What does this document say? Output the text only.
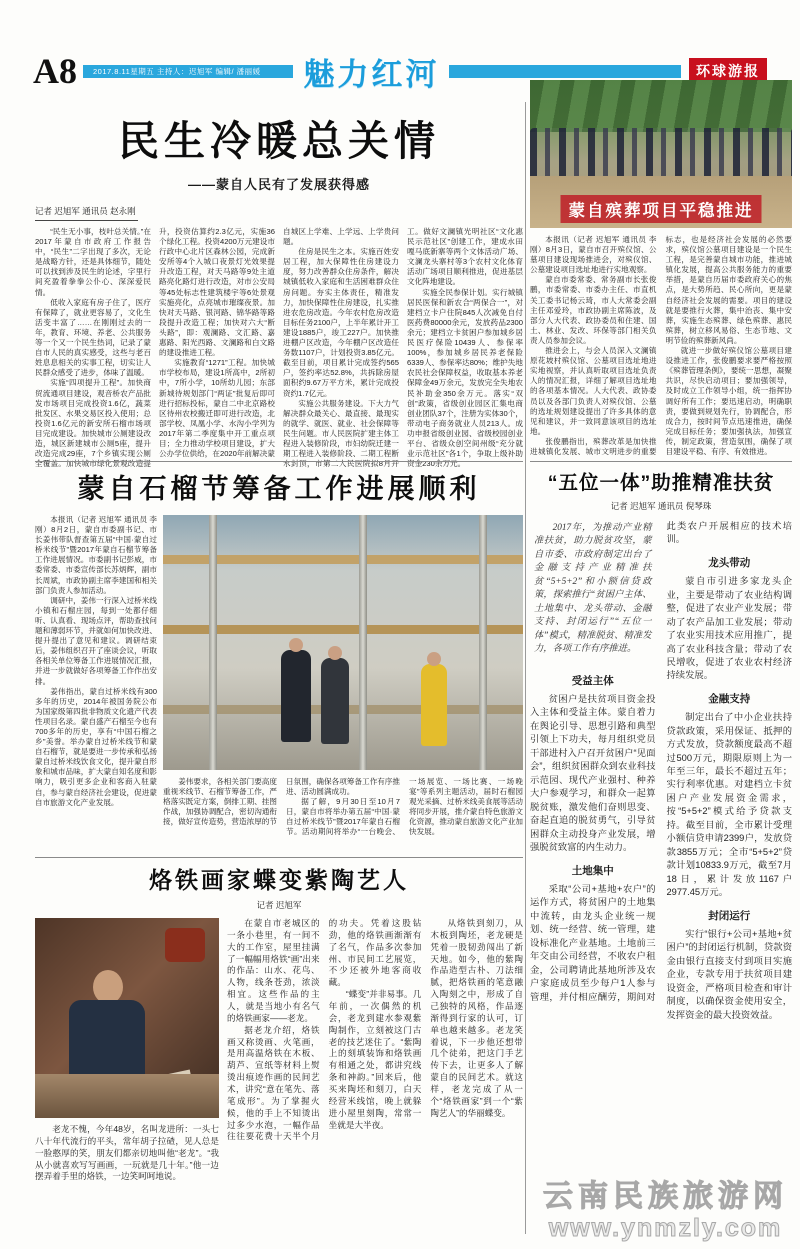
A8	2017.8.11星期五 主持人：迟旭军 编辑/ 潘丽媛 魅力红河	环球游报
民生冷暖总关情
——蒙自人民有了发展获得感
记者 迟旭军 通讯员 赵永刚

“民生无小事，枝叶总关情。”在2017年蒙自市政府工作报告中，“民生”二字出现了多次，无论是战略方针，还是具体细节，随处可以找到涉及民生的论述，字里行间充盈着拳拳公仆心、深深爱民情。

低收入家庭有房子住了，医疗有保障了，就业更容易了，文化生活变丰富了……在刚刚过去的一年，教育、环境、养老、公共服务等一个又一个民生热词，记录了蒙自市人民的真实感受，这些与老百姓息息相关的实事工程，切实让人民群众感受了进步，体味了温暖。

实施“四项提升工程”。加快商贸流通项目建设，观音桥农产品批发市场项目完成投资1.6亿，蔬菜批发区、水果交易区投入使用；总投资1.6亿元的新安所石榴市场项目完成建设。加快城市公厕建设改造，城区新建城市公厕5座，提升改造完成29座，7个乡镇实现公厕全覆盖。加快城市绿化景观改造提升，投资估算约2.3亿元，实施36个绿化工程。投资4200万元建设市行政中心北片区森林公园，完成新安所等4个入城口夜景灯光效果提升改造工程，对天马路等9处主道路亮化路灯进行改造，对市公安局等45处标志性建筑楼宇等6处景观实施亮化，点亮城市璀璨夜景。加快对天马路、银河路、锦华路等路段提升改造工程；加快对六大“断头路”，即：观澜路、文汇路、嘉惠路、阳光西路、文澜路和白文路的建设推进工程。

实施教育“1271”工程。加快城市学校布局，建设1所高中，2所初中，7所小学，10所幼儿园；东部新城待规划部门“两证”批复后即可进行招标投标，蒙自二中北京路校区待州农校搬迁即可进行改造，北部学校、凤凰小学、水沟小学列为2017年第二季度集中开工重点项目；全力推动学校项目建设，扩大公办学位供给，在2020年前解决蒙自城区上学难、上学远、上学贵问题。

住房是民生之本。实施百姓安居工程，加大保障性住房建设力度，努力改善群众住房条件，解决城镇低收入家庭和生活困难群众住房问题。夯实主体责任，精准发力，加快保障性住房建设，扎实推进农危房改造。今年农村危房改造目标任务2100户，上半年累计开工建设1885户，竣工227户。加快推进棚户区改造，今年棚户区改造任务数1107户，计划投资3.85亿元。截至目前，项目累计完成签约565户，签约率达52.8%，共拆除房屋面积约9.67万平方米，累计完成投资约1.7亿元。

实施公共服务建设。下大力气解决群众最关心、最直接、最现实的就学、就医、就业、社会保障等民生问题。市人民医院扩建主体工程进入装修阶段，市妇幼院迁建一期工程进入装修阶段、二期工程断水封顶，市第二人民医院拟8月开工。做好文澜镇光明社区“文化惠民示范社区”创建工作，建成水田嘎马底新寨等两个文体活动广场、文澜龙头寨村等3个农村文化体育活动广场项目顺利推进，促进基层文化阵地建设。

实施全民参保计划。实行城镇居民医保和新农合“两保合一”，对建档立卡户住院845人次减免自付医药费80000余元，发放药品2300余元；建档立卡贫困户参加城乡居民医疗保险10439人、参保率100%，参加城乡居民养老保险6339人、参保率达80%；维护失地农民社会保障权益，收取基本养老保障金49万余元，发放完全失地农民补助金350余万元。落实“双创”政策，省级创业园区汇集电商创业团队37个，注册为实体30个，带动电子商务就业人员213人。成功申报省级创业园、省级校园创业平台、省级众创空间州级“充分就业示范社区”各1个，争取上级补助资金230余万元。

蒙自殡葬项目平稳推进

本报讯（记者 迟旭军 通讯员 李刚）8月3日，蒙自市召开殡仪馆、公墓项目建设现场推进会，对殡仪馆、公墓建设项目选址地进行实地观察。

蒙自市委常委、常务副市长张俊鹏，市委常委、市委办主任、市直机关工委书记杨云琦，市人大常委会副主任邓爱玲，市政协副主席陈波，及部分人大代表、政协委员和住建、国土、林业、发改、环保等部门相关负责人员参加会议。

推进会上，与会人员深入文澜镇原花坡村殡仪馆、公墓项目选址地进实地视察，并认真听取项目选址负责人的情况汇报，详细了解项目选址地的各项基本情况。人大代表、政协委员以及各部门负责人对殡仪馆、公墓的选址规划建设提出了许多具体的意见和建议，并一致同意该项目的选址地。

张俊鹏指出，殡葬改革是加快推进城镇化发展、城市文明进步的重要标志，也是经济社会发展的必然要求，殡仪馆公墓项目建设是一个民生工程，是完善蒙自城市功能，推进城镇化发展，提高公共服务能力的重要举措，是蒙自历届市委政府关心的焦点，是大势所趋、民心所向，更是蒙自经济社会发展的需要。项目的建设就是要推行火葬，集中治丧、集中安葬，实施生态殡葬、绿色殡葬、惠民殡葬，树立移风易俗、生态节地、文明节俭的殡葬新风尚。

就进一步做好殡仪馆公墓项目建设推进工作，张俊鹏要求要严格按照《殡葬管理条例》，要统一思想，凝聚共识，尽快启动项目；要加强领导，及时成立工作领导小组，统一指挥协调好所有工作；要迅速启动，明确职责，要做到规划先行，协调配合，形成合力，按时间节点迅速推进，确保完成目标任务；要加强执法，加强宣传，制定政策，营造氛围，确保了项目建设平稳、有序、有效推进。

蒙自石榴节筹备工作进展顺利

本报讯（记者 迟旭军 通讯员 李刚）8月2日，蒙自市委副书记、市长姜伟带队督查第五届“中国·蒙自过桥米线节”暨2017年蒙自石榴节筹备工作进展情况。市委副书记彭威，市委常委、市委宣传部长苏炳辉，副市长周斌，市政协副主席李建国和相关部门负责人参加活动。

调研中，姜伟一行深入过桥米线小镇和石榴庄园，每到一处都仔细听、认真看、现场点评，帮助查找问题和薄弱环节，并就如何加快改进、提升提出了意见和建议。调研结束后，姜伟组织召开了座谈会议，听取各相关单位筹备工作进展情况汇报，并进一步就做好各项筹备工作作出安排。

姜伟指出，蒙自过桥米线有300多年的历史，2014年被国务院公布为国家级第四批非物质文化遗产代表性项目名录。蒙自盛产石榴至今也有700多年的历史，享有“中国石榴之乡”美誉。举办蒙自过桥米线节和蒙自石榴节，就是要进一步传承和弘扬蒙自过桥米线饮食文化，提升蒙自形象和城市品味，扩大蒙自知名度和影响力，吸引更多企业和客商入驻蒙自，参与蒙自经济社会建设，促进蒙自市旅游文化产业发展。

姜伟要求，各相关部门要高度重视米线节、石榴节筹备工作，严格落实既定方案，倒排工期、挂图作战，加强协调配合，密切沟通衔接，做好宣传造势，营造浓厚的节日氛围，确保各项筹备工作有序推进、活动圆满成功。

据了解，9月30日至10月7日，蒙自市将举办第五届“中国·蒙自过桥米线节”暨2017年蒙自石榴节。活动期间将举办“一台晚会、一场展览、一场比赛、一场晚宴”等系列主题活动，届时石榴园观光采摘、过桥米线美食展等活动将同步开展，推介蒙自特色旅游文化资源，推动蒙自旅游文化产业加快发展。

“五位一体”助推精准扶贫
记者 迟旭军 通讯员 倪琴珠

2017年，为推动产业精准扶贫，助力脱贫攻坚，蒙自市委、市政府制定出台了金融支持产业精准扶贫“5+5+2”和小额信贷政策，探索推行“贫困户主体、土地集中、龙头带动、金融支持、封闭运行”“五位一体”模式，精准脱贫、精准发力，各项工作有序推进。

受益主体

贫困户是扶贫项目资金投入主体和受益主体。蒙自着力在舆论引导、思想引路和典型引领上下功夫，每月组织党员干部进村入户召开贫困户“见面会”，组织贫困群众到农业科技示范园、现代产业强村、种养大户参观学习，和群众一起算脱贫账，激发他们奋则思变、奋起直追的脱贫勇气，引导贫困群众主动投身产业发展，增强脱贫致富的内生动力。

土地集中

采取“公司+基地+农户”的运作方式，将贫困户的土地集中流转，由龙头企业统一规划、统一经营、统一管理，建设标准化产业基地。土地前三年交由公司经营，不收农户租金，公司聘请此基地所涉及农户家庭成员至少每户1人参与管理，并付相应酬劳，期间对此类农户开展相应的技术培训。

龙头带动

蒙自市引进多家龙头企业，主要是带动了农业结构调整，促进了农业产业发展；带动了农产品加工业发展；带动了农业实用技术应用推广，提高了农业科技含量；带动了农民增收，促进了农业农村经济持续发展。

金融支持

制定出台了中小企业扶持贷款政策，采用保证、抵押的方式发放，贷款额度最高不超过500万元，期限原则上为一年至三年，最长不超过五年；实行利率优惠。对建档立卡贫困户产业发展资金需求，按“5+5+2”模式给予贷款支持。截至目前，全市累计受理小额信贷申请2399户，发放贷款3855万元；全市“5+5+2”贷款计划10833.9万元，截至7月18日，累计发放1167户2977.45万元。

封闭运行

实行“银行+公司+基地+贫困户”的封闭运行机制，贷款资金由银行直接支付到项目实施企业，专款专用于扶贫项目建设资金，严格项目检查和审计制度，以确保资金使用安全，发挥资金的最大投资效益。

烙铁画家蝶变紫陶艺人
记者 迟旭军

老龙不愧，今年48岁，名叫龙进所：一头七八十年代流行的平头，常年胡子拉碴，见人总是一脸憨厚的笑，朋友们都亲切地叫他“老龙”。“我从小就喜欢写写画画，一玩就是几十年。”他一边摆弄着手里的烙铁，一边笑呵呵地说。

在蒙自市老城区的一条小巷里，有一间不大的工作室，屋里挂满了一幅幅用烙铁“画”出来的作品：山水、花鸟、人物，线条苍劲，浓淡相宜。这些作品的主人，就是当地小有名气的烙铁画家——老龙。

据老龙介绍，烙铁画又称烫画、火笔画，是用高温烙铁在木板、葫芦、宣纸等材料上熨烫出痕迹作画的民间艺术，讲究“意在笔先、落笔成形”。为了掌握火候，他的手上不知烫出过多少水泡，一幅作品往往要花费十天半个月的功夫。凭着这股钻劲，他的烙铁画渐渐有了名气，作品多次参加州、市民间工艺展览，不少还被外地客商收藏。

“蝶变”并非易事。几年前，一次偶然的机会，老龙到建水参观紫陶制作，立刻被这门古老的技艺迷住了。“紫陶上的刻填装饰和烙铁画有相通之处，都讲究线条和神韵。”回来后，他买来陶坯和刻刀，白天经营米线馆，晚上就躲进小屋里刻陶，常常一坐就是大半夜。

从烙铁到刻刀，从木板到陶坯，老龙硬是凭着一股韧劲闯出了新天地。如今，他的紫陶作品造型古朴、刀法细腻，把烙铁画的笔意融入陶刻之中，形成了自己独特的风格，作品逐渐得到行家的认可，订单也越来越多。老龙笑着说，下一步他还想带几个徒弟，把这门手艺传下去，让更多人了解蒙自的民间艺术。就这样，老龙完成了从一个“烙铁画家”到一个“紫陶艺人”的华丽蝶变。

云南民族旅游网
www.ynmzly.com
